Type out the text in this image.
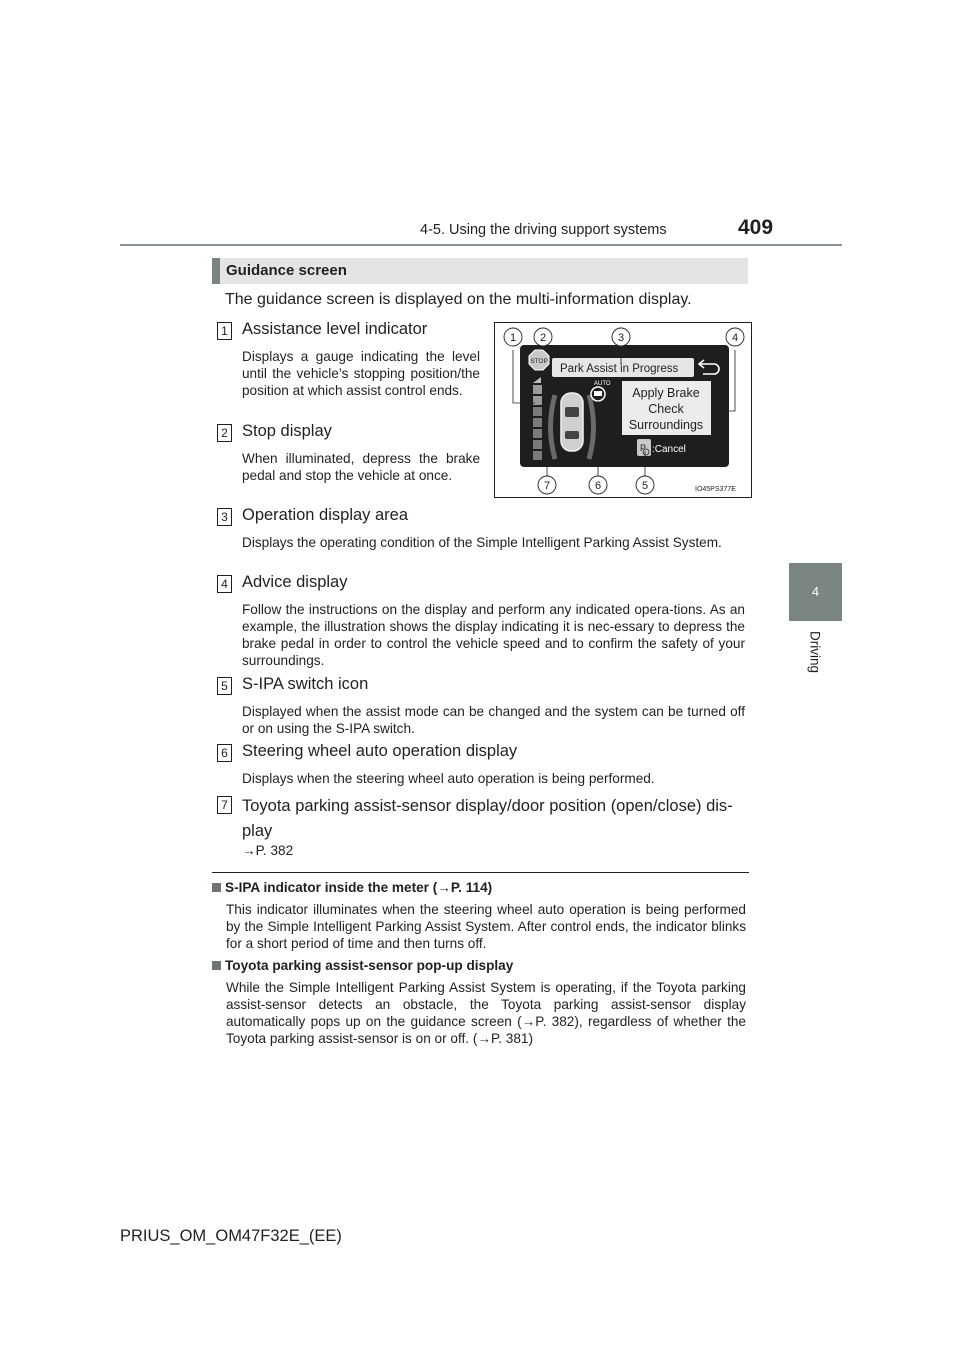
4-5. Using the driving support systems	409
4
Driving
Guidance screen
The guidance screen is displayed on the multi-information display.
1 Assistance level indicator
Displays a gauge indicating the level until the vehicle’s stopping position/the position at which assist control ends.
2 Stop display
When illuminated, depress the brake pedal and stop the vehicle at once.
3 Operation display area
Displays the operating condition of the Simple Intelligent Parking Assist System.
4 Advice display
Follow the instructions on the display and perform any indicated opera-tions. As an example, the illustration shows the display indicating it is nec-essary to depress the brake pedal in order to control the vehicle speed and to confirm the safety of your surroundings.
5 S-IPA switch icon
Displayed when the assist mode can be changed and the system can be turned off or on using the S-IPA switch.
6 Steering wheel auto operation display
Displays when the steering wheel auto operation is being performed.
7 Toyota parking assist-sensor display/door position (open/close) dis-play
→P. 382
Park Assist in Progress
STOP
AUTO
Apply Brake
Check
Surroundings
P :Cancel
1 2	3	4
5
6
7	IO45PS377E
S-IPA indicator inside the meter (→P. 114)
This indicator illuminates when the steering wheel auto operation is being performed by the Simple Intelligent Parking Assist System. After control ends, the indicator blinks for a short period of time and then turns off.
Toyota parking assist-sensor pop-up display
While the Simple Intelligent Parking Assist System is operating, if the Toyota parking assist-sensor detects an obstacle, the Toyota parking assist-sensor display automatically pops up on the guidance screen (→P. 382), regardless of whether the Toyota parking assist-sensor is on or off. (→P. 381)
PRIUS_OM_OM47F32E_(EE)
